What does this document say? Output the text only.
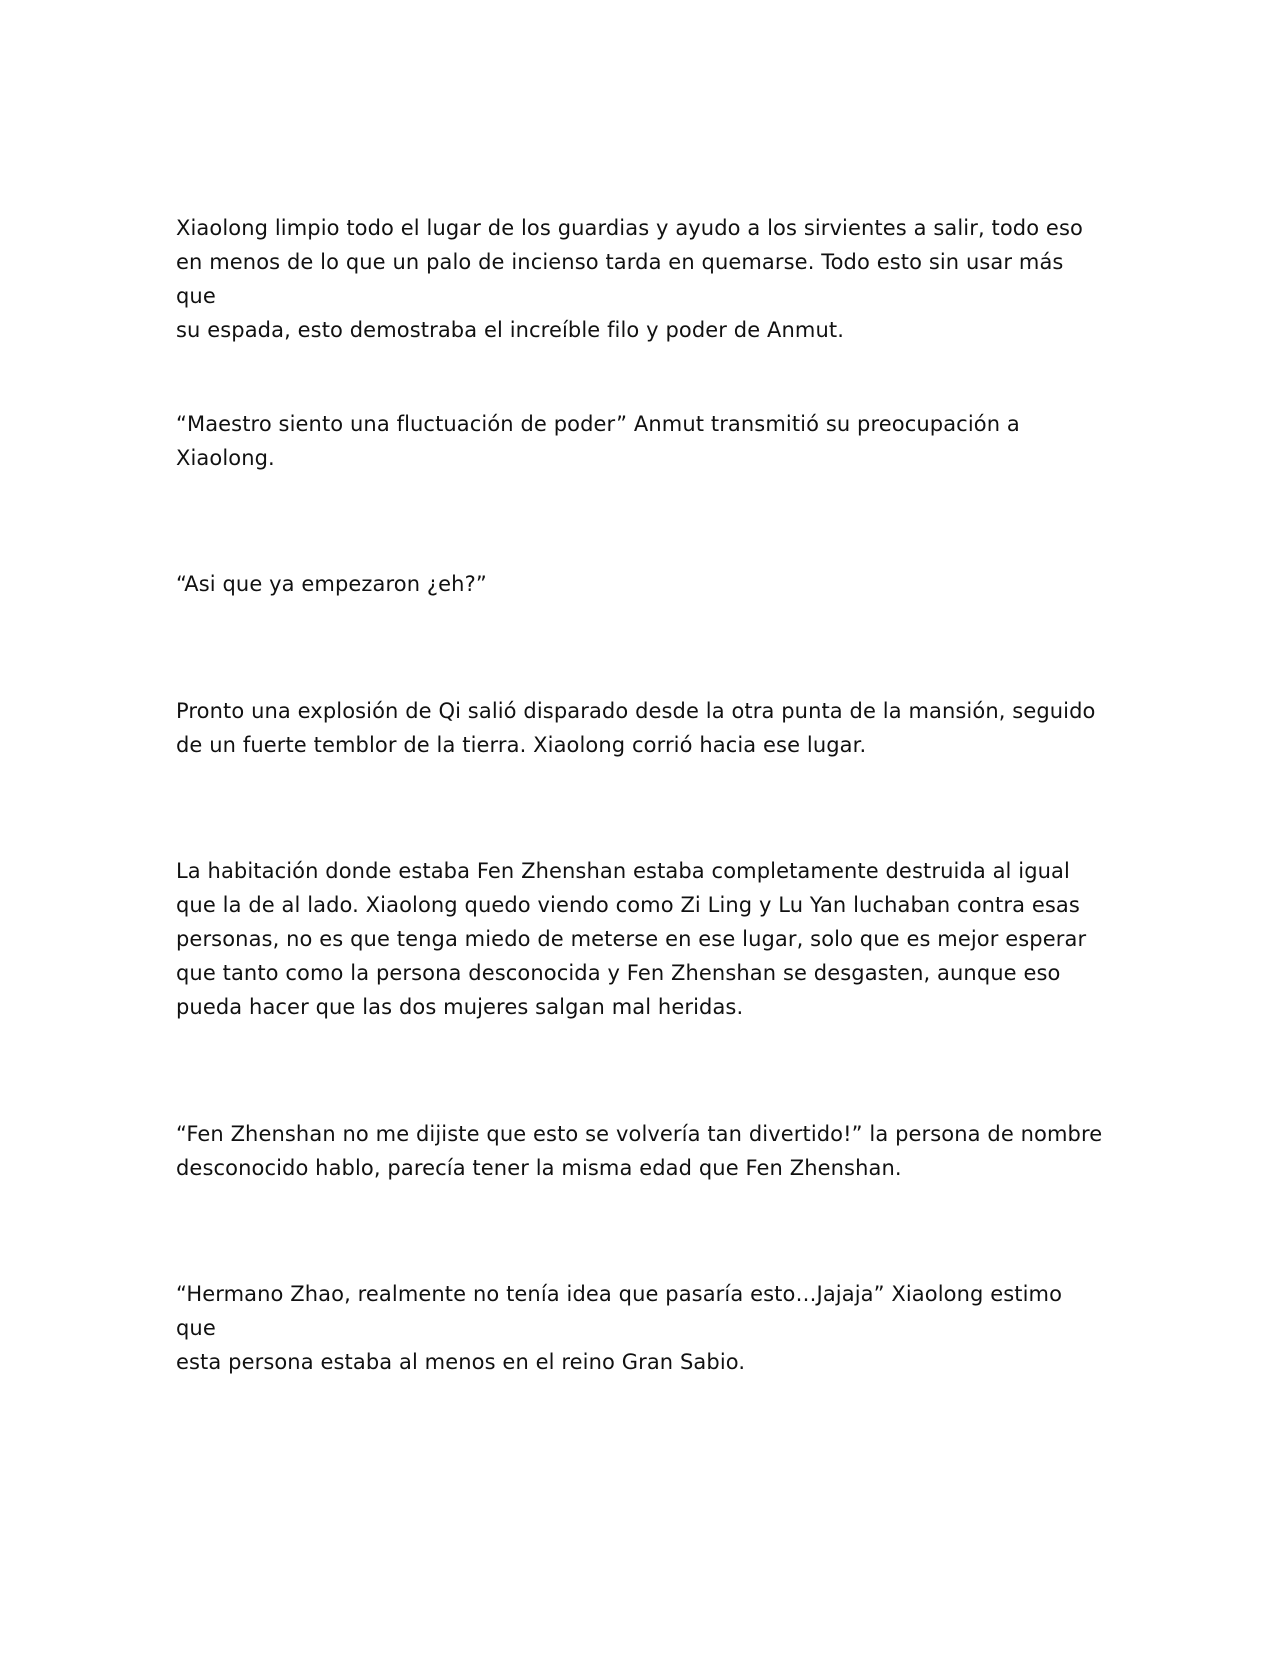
Xiaolong limpio todo el lugar de los guardias y ayudo a los sirvientes a salir, todo eso
en menos de lo que un palo de incienso tarda en quemarse. Todo esto sin usar más que
su espada, esto demostraba el increíble filo y poder de Anmut.

“Maestro siento una fluctuación de poder” Anmut transmitió su preocupación a
Xiaolong.

“Asi que ya empezaron ¿eh?”

Pronto una explosión de Qi salió disparado desde la otra punta de la mansión, seguido
de un fuerte temblor de la tierra. Xiaolong corrió hacia ese lugar.

La habitación donde estaba Fen Zhenshan estaba completamente destruida al igual
que la de al lado. Xiaolong quedo viendo como Zi Ling y Lu Yan luchaban contra esas
personas, no es que tenga miedo de meterse en ese lugar, solo que es mejor esperar
que tanto como la persona desconocida y Fen Zhenshan se desgasten, aunque eso
pueda hacer que las dos mujeres salgan mal heridas.

“Fen Zhenshan no me dijiste que esto se volvería tan divertido!” la persona de nombre
desconocido hablo, parecía tener la misma edad que Fen Zhenshan.

“Hermano Zhao, realmente no tenía idea que pasaría esto…Jajaja” Xiaolong estimo que
esta persona estaba al menos en el reino Gran Sabio.
